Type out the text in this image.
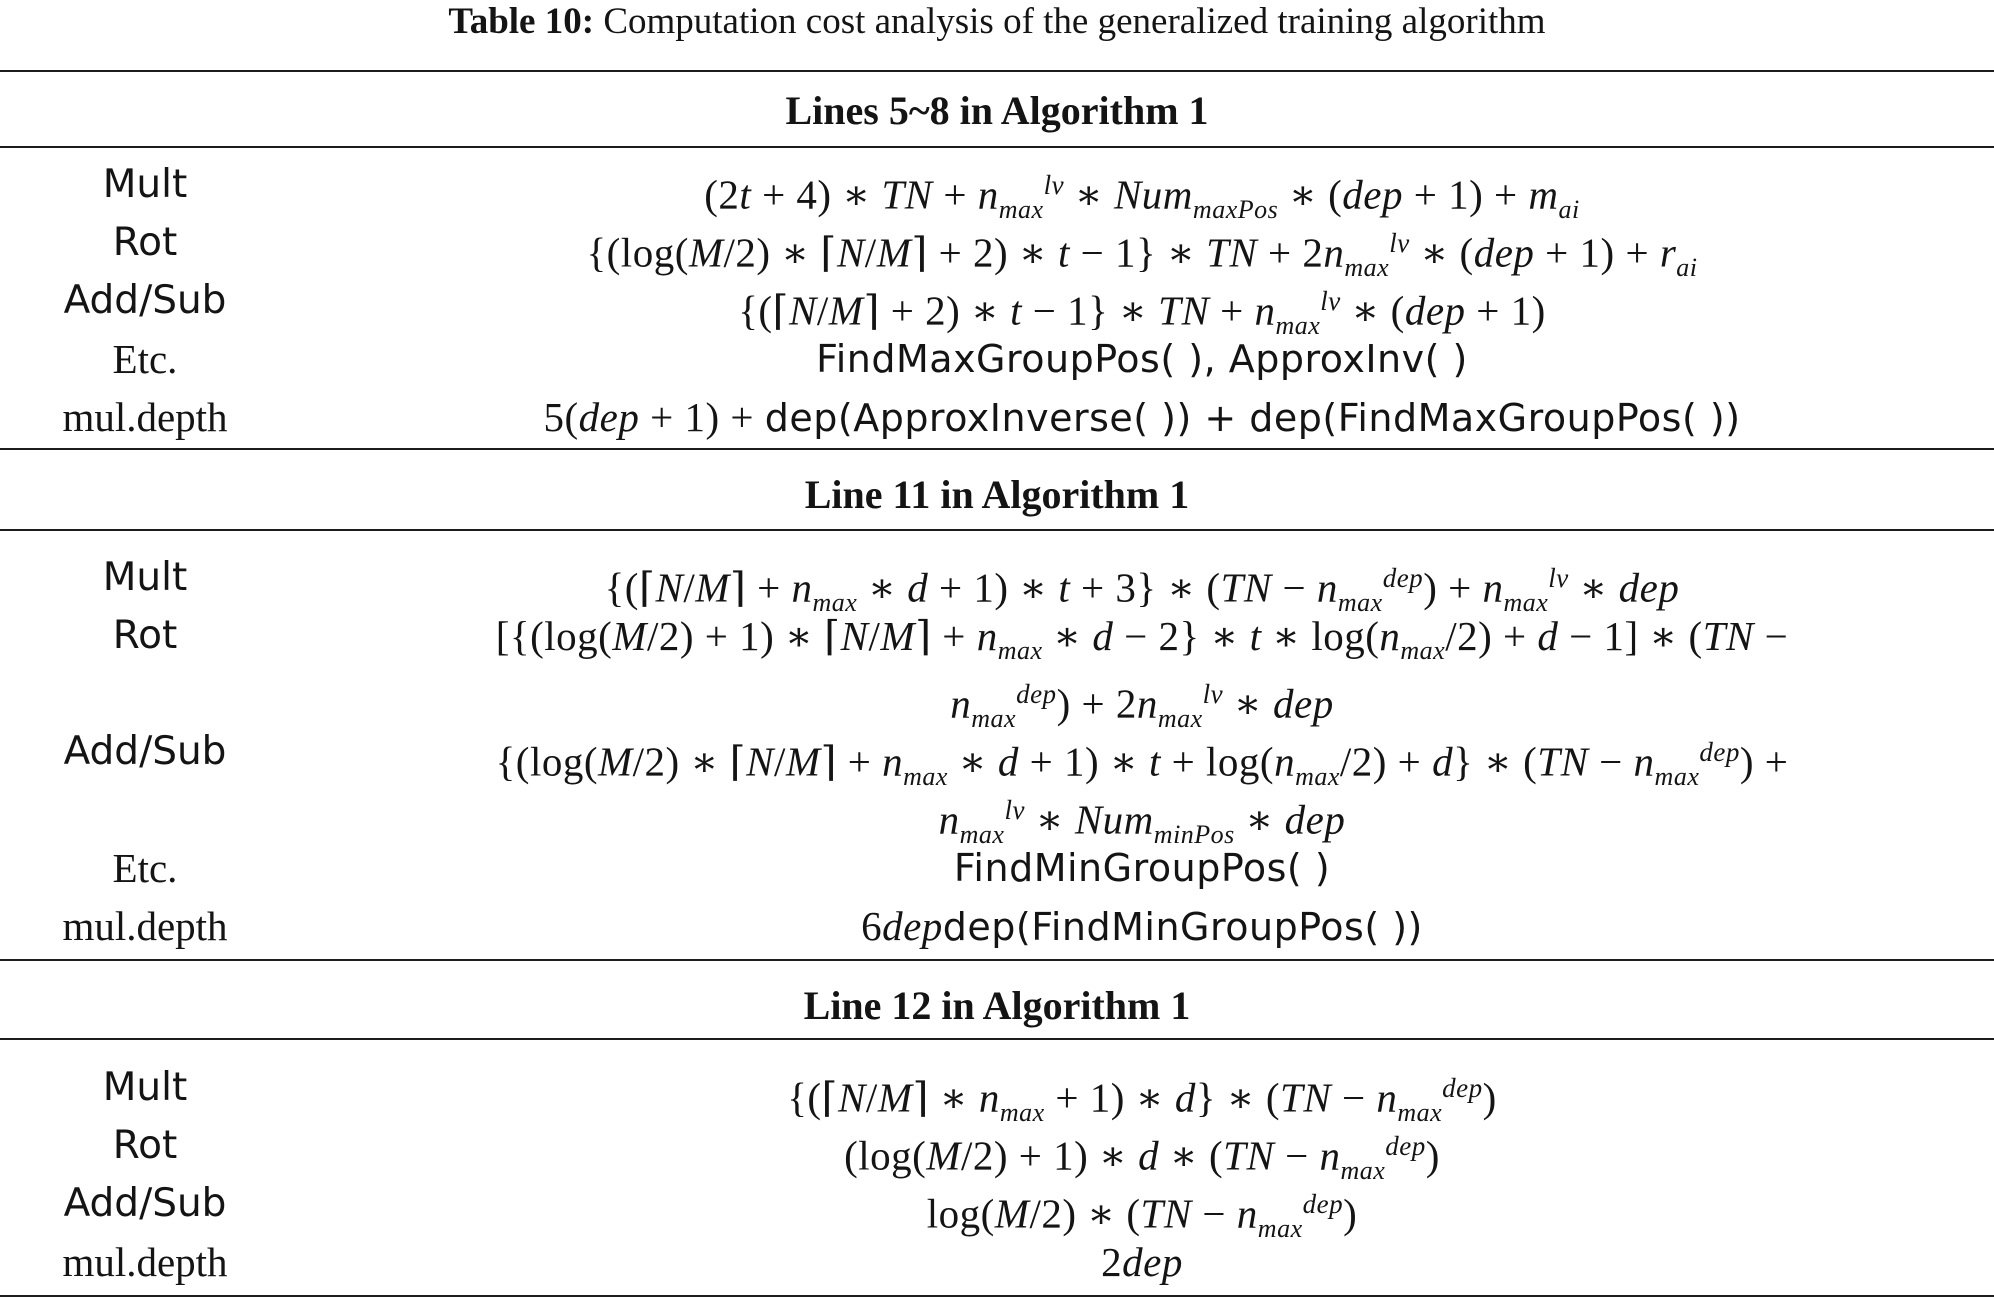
Table 10: Computation cost analysis of the generalized training algorithm
Lines 5~8 in Algorithm 1
Mult	(2t + 4) ∗ TN + $n_{max}^{lv}$ ∗ Num$_{maxPos}$ ∗ $(dep + 1) + m_{ai}$
Rot	{(log(M/2) ∗ ⌈N/M⌉ + 2) ∗ t − 1} ∗ TN + $2n_{max}^{lv}$ ∗ $(dep + 1) + r_{ai}$
Add/Sub	{(⌈N/M⌉ + 2) ∗ t − 1} ∗ TN + $n_{max}^{lv}$ ∗ (dep + 1)
Etc.	FindMaxGroupPos( ), ApproxInv( )
mul.depth	5(dep + 1) + dep(ApproxInverse( )) + dep(FindMaxGroupPos( ))
Line 11 in Algorithm 1
Mult	{(⌈N/M⌉ + $n_{max}$ ∗ d + 1) ∗ t + 3} ∗ $(TN - n_{max}^{dep}) + n_{max}^{lv}$ ∗ dep
Rot	[{(log(M/2) + 1) ∗ ⌈N/M⌉ + $n_{max}$ ∗ d − 2} ∗ t ∗ $\log(n_{max}/2) + d - 1$] ∗ (TN −
$n_{max}^{dep}) + 2n_{max}^{lv}$ ∗ dep
Add/Sub	{(log(M/2) ∗ ⌈N/M⌉ + $n_{max}$ ∗ d + 1) ∗ $t + \log(n_{max}/2) + d$} ∗ $(TN - n_{max}^{dep})$ +
$n_{max}^{lv}$ ∗ Num$_{minPos}$ ∗ dep
Etc.	FindMinGroupPos( )
mul.depth	6depdep(FindMinGroupPos( ))
Line 12 in Algorithm 1
Mult	{(⌈N/M⌉ ∗ $n_{max} + 1$) ∗ d} ∗ $(TN - n_{max}^{dep})$
Rot	(log(M/2) + 1) ∗ d ∗ $(TN - n_{max}^{dep})$
Add/Sub	log(M/2) ∗ $(TN - n_{max}^{dep})$
mul.depth	2dep
